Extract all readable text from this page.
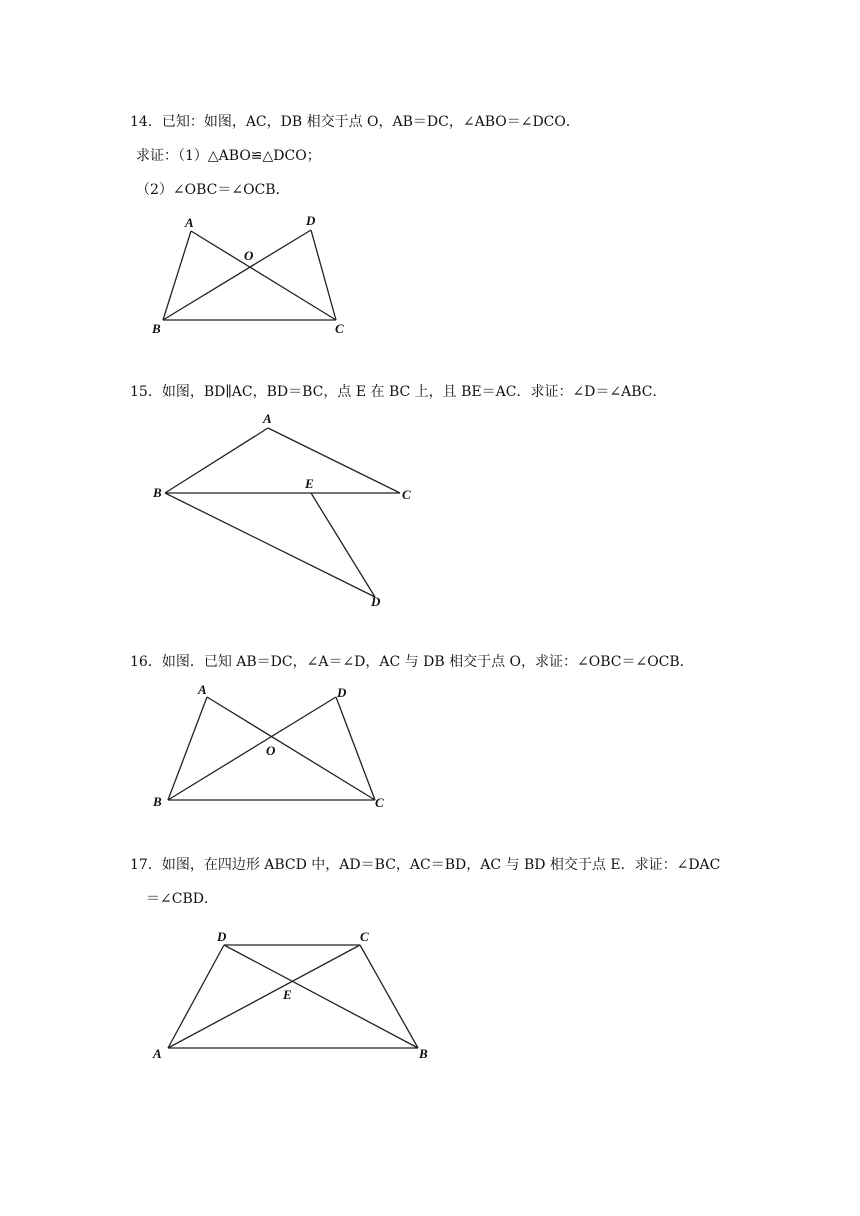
14．已知：如图，AC，DB 相交于点 O，AB＝DC，∠ABO＝∠DCO．
求证：（1）△ABO≌△DCO；
（2）∠OBC＝∠OCB．
A	D
O
B	C
15．如图，BD∥AC，BD＝BC，点 E 在 BC 上，且 BE＝AC．求证：∠D＝∠ABC．
A
B
E
C
D
16．如图．已知 AB＝DC，∠A＝∠D，AC 与 DB 相交于点 O，求证：∠OBC＝∠OCB．
A	D
O
B	C
17．如图，在四边形 ABCD 中，AD＝BC，AC＝BD，AC 与 BD 相交于点 E．求证：∠DAC
＝∠CBD．
D	C
E
A	B
